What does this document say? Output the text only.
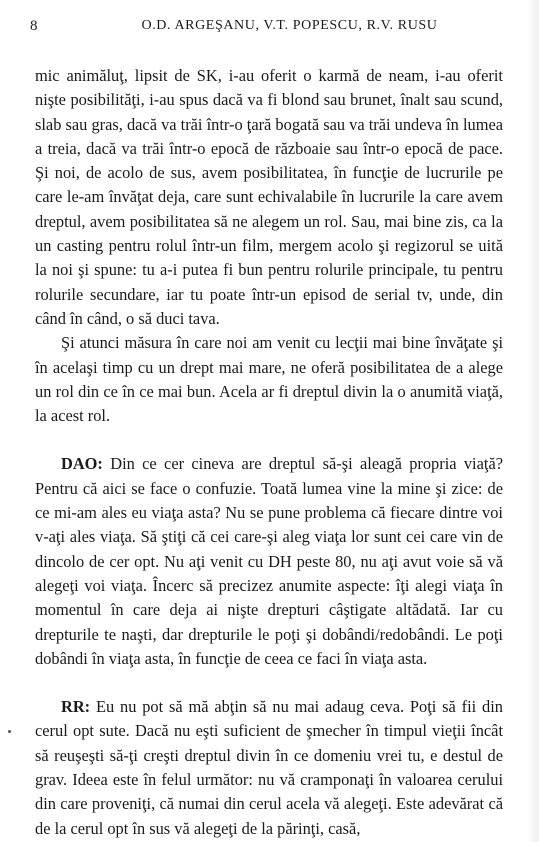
8	O.D. ARGEŞANU, V.T. POPESCU, R.V. RUSU

mic animăluţ, lipsit de SK, i-au oferit o karmă de neam, i-au oferit nişte posibilităţi, i-au spus dacă va fi blond sau brunet, înalt sau scund, slab sau gras, dacă va trăi într-o ţară bogată sau va trăi undeva în lumea a treia, dacă va trăi într-o epocă de războaie sau într-o epocă de pace. Şi noi, de acolo de sus, avem posibilitatea, în funcţie de lucrurile pe care le-am învăţat deja, care sunt echivalabile în lucrurile la care avem dreptul, avem posibilitatea să ne alegem un rol. Sau, mai bine zis, ca la un casting pentru rolul într-un film, mergem acolo şi regizorul se uită la noi şi spune: tu a-i putea fi bun pentru rolurile principale, tu pentru rolurile secundare, iar tu poate într-un episod de serial tv, unde, din când în când, o să duci tava.

Şi atunci măsura în care noi am venit cu lecţii mai bine învăţate şi în acelaşi timp cu un drept mai mare, ne oferă posibilitatea de a alege un rol din ce în ce mai bun. Acela ar fi dreptul divin la o anumită viaţă, la acest rol.

DAO: Din ce cer cineva are dreptul să-şi aleagă propria viaţă? Pentru că aici se face o confuzie. Toată lumea vine la mine şi zice: de ce mi-am ales eu viaţa asta? Nu se pune problema că fiecare dintre voi v-aţi ales viaţa. Să ştiţi că cei care-şi aleg viaţa lor sunt cei care vin de dincolo de cer opt. Nu aţi venit cu DH peste 80, nu aţi avut voie să vă alegeţi voi viaţa. Încerc să precizez anumite aspecte: îţi alegi viaţa în momentul în care deja ai nişte drepturi câştigate altădată. Iar cu drepturile te naşti, dar drepturile le poţi şi dobândi/redobândi. Le poţi dobândi în viaţa asta, în funcţie de ceea ce faci în viaţa asta.

RR: Eu nu pot să mă abţin să nu mai adaug ceva. Poţi să fii din cerul opt sute. Dacă nu eşti suficient de şmecher în timpul vieţii încât să reuşeşti să-ţi creşti dreptul divin în ce domeniu vrei tu, e destul de grav. Ideea este în felul următor: nu vă cramponaţi în valoarea cerului din care proveniţi, că numai din cerul acela vă alegeţi. Este adevărat că de la cerul opt în sus vă alegeţi de la părinţi, casă,
